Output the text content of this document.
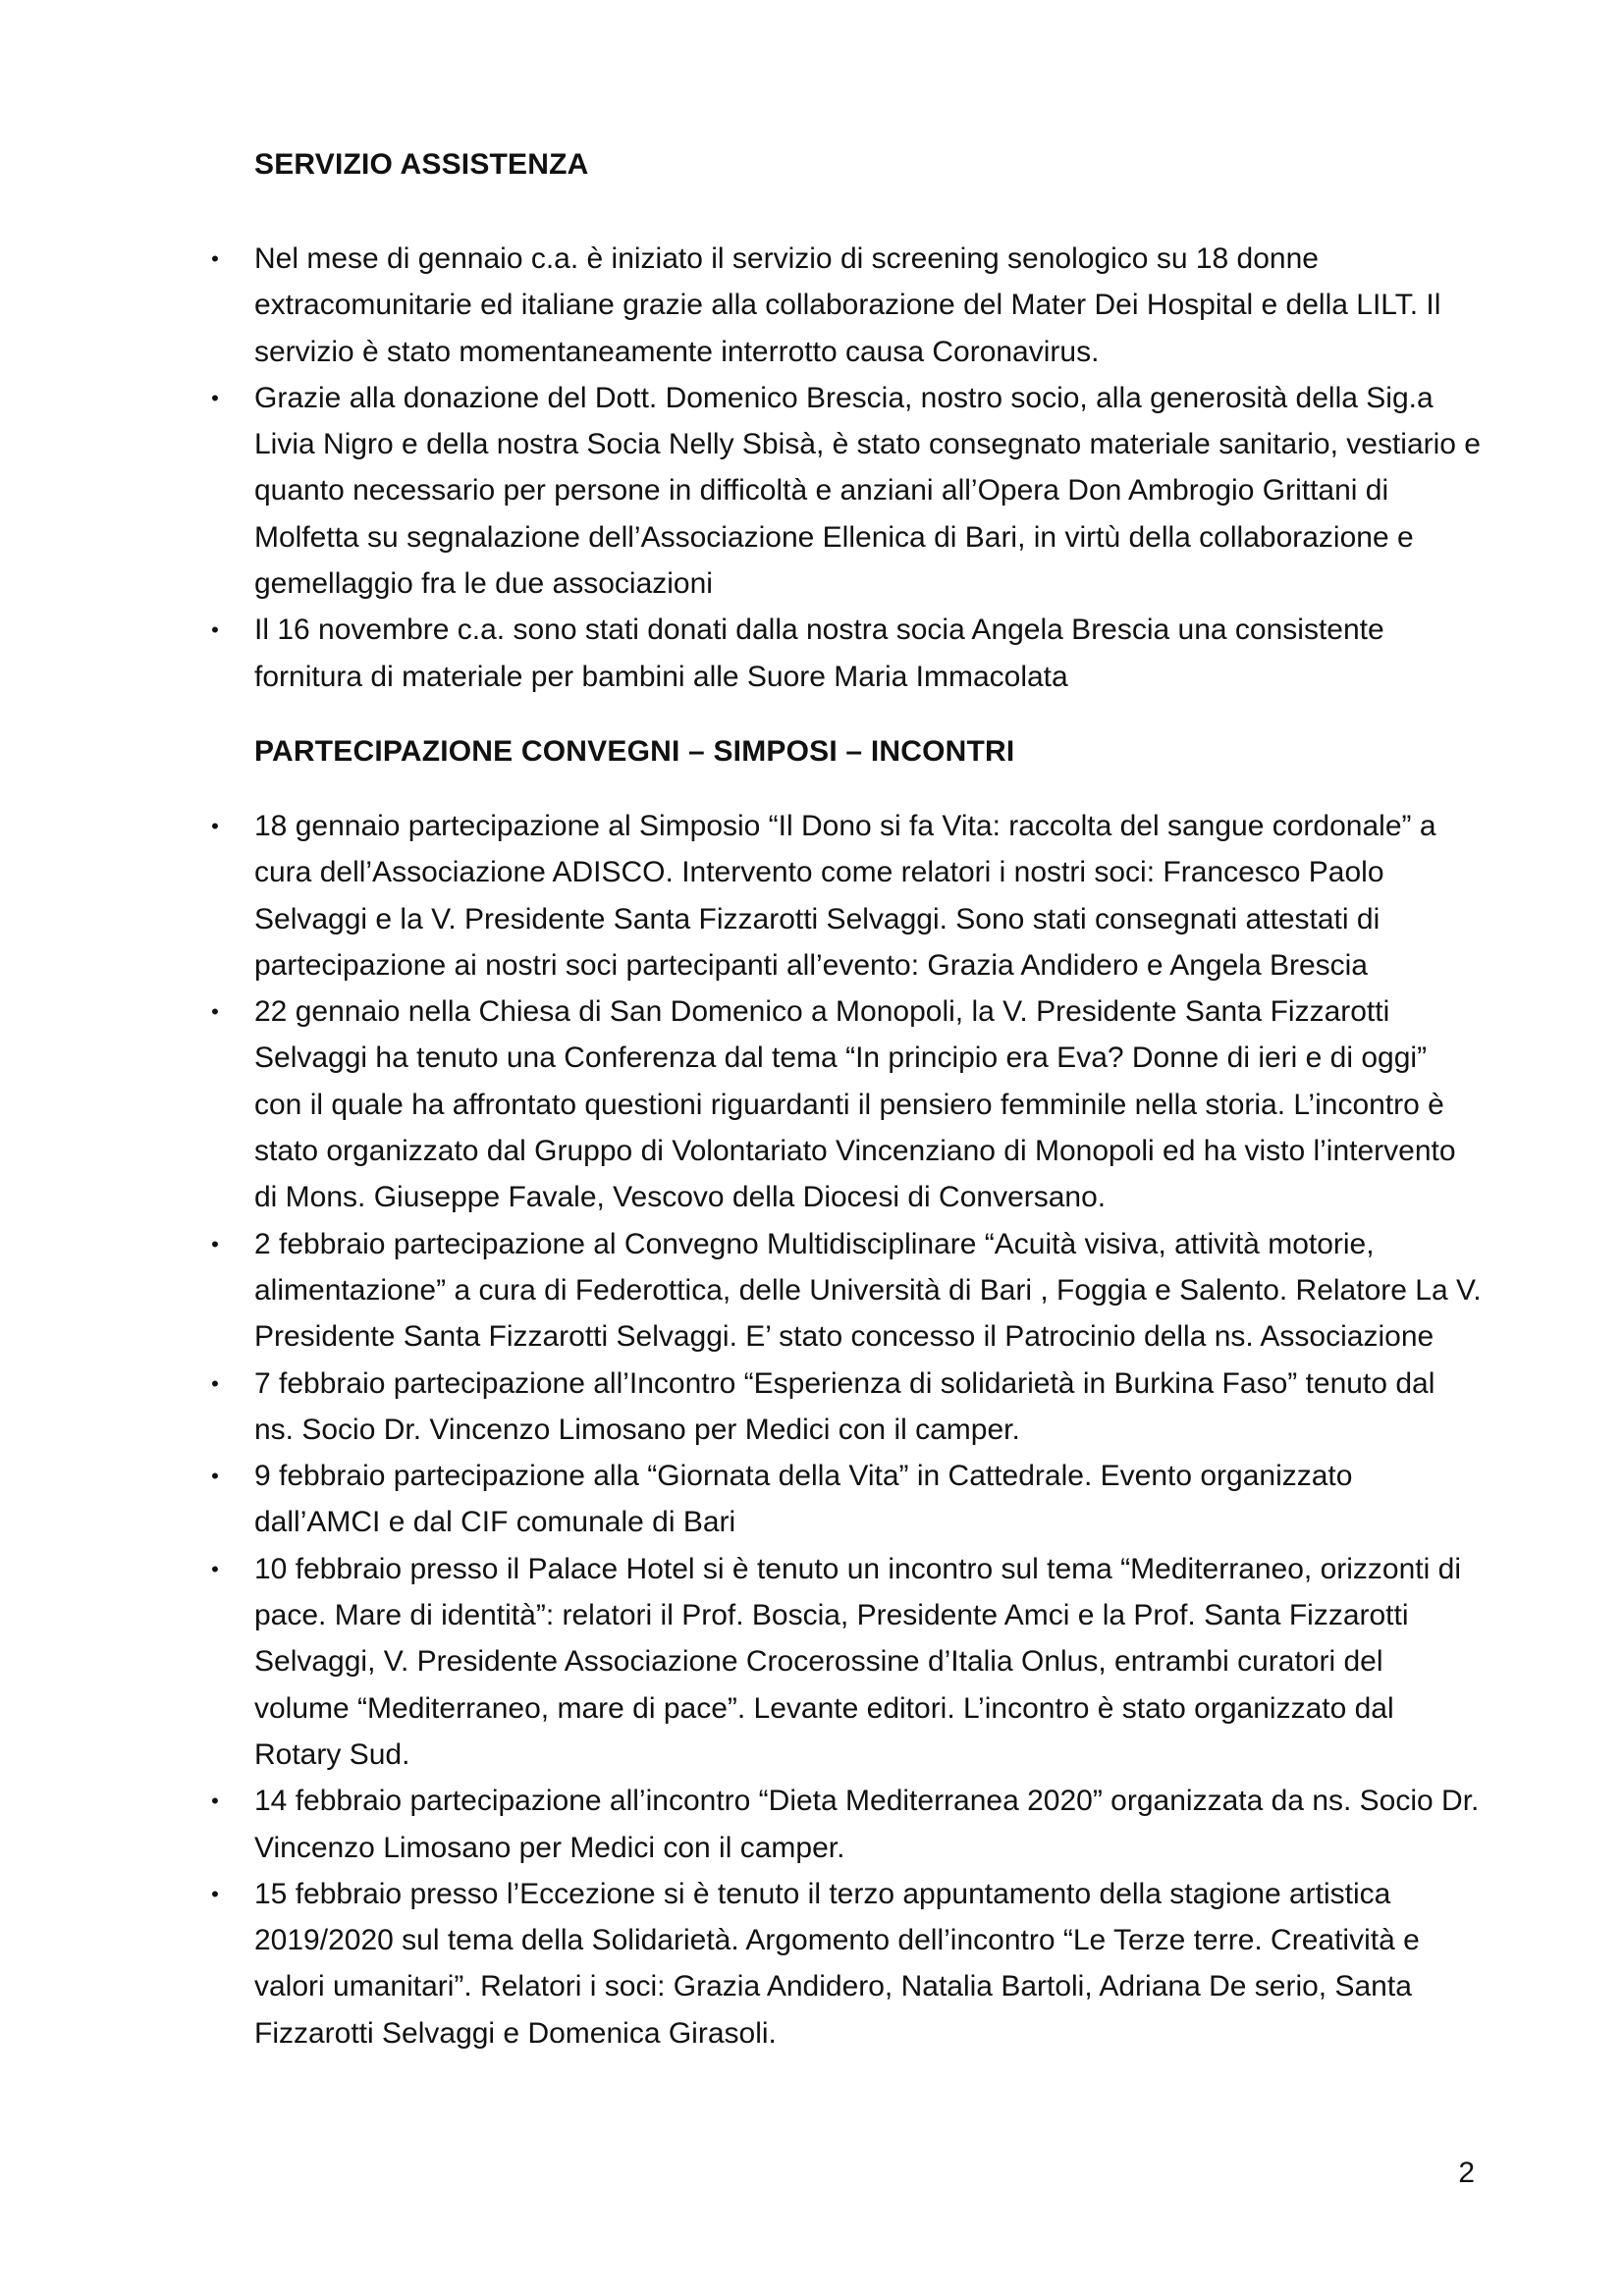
SERVIZIO ASSISTENZA
• Nel mese di gennaio c.a. è iniziato il servizio di screening senologico su 18 donne extracomunitarie ed italiane grazie alla collaborazione del Mater Dei Hospital e della LILT. Il servizio è stato momentaneamente interrotto causa Coronavirus.
• Grazie alla donazione del Dott. Domenico Brescia, nostro socio, alla generosità della Sig.a Livia Nigro e della nostra Socia Nelly Sbisà, è stato consegnato materiale sanitario, vestiario e quanto necessario per persone in difficoltà e anziani all’Opera Don Ambrogio Grittani di Molfetta su segnalazione dell’Associazione Ellenica di Bari, in virtù della collaborazione e gemellaggio fra le due associazioni
• Il 16 novembre c.a. sono stati donati dalla nostra socia Angela Brescia una consistente fornitura di materiale per bambini alle Suore Maria Immacolata
PARTECIPAZIONE CONVEGNI – SIMPOSI – INCONTRI
• 18 gennaio partecipazione al Simposio “Il Dono si fa Vita: raccolta del sangue cordonale” a cura dell’Associazione ADISCO. Intervento come relatori i nostri soci: Francesco Paolo Selvaggi e la V. Presidente Santa Fizzarotti Selvaggi. Sono stati consegnati attestati di partecipazione ai nostri soci partecipanti all’evento: Grazia Andidero e Angela Brescia
• 22 gennaio nella Chiesa di San Domenico a Monopoli, la V. Presidente Santa Fizzarotti Selvaggi ha tenuto una Conferenza dal tema “In principio era Eva? Donne di ieri e di oggi” con il quale ha affrontato questioni riguardanti il pensiero femminile nella storia. L’incontro è stato organizzato dal Gruppo di Volontariato Vincenziano di Monopoli ed ha visto l’intervento di Mons. Giuseppe Favale, Vescovo della Diocesi di Conversano.
• 2 febbraio partecipazione al Convegno Multidisciplinare “Acuità visiva, attività motorie, alimentazione” a cura di Federottica, delle Università di Bari , Foggia e Salento. Relatore La V. Presidente Santa Fizzarotti Selvaggi. E’ stato concesso il Patrocinio della ns. Associazione
• 7 febbraio partecipazione all’Incontro “Esperienza di solidarietà in Burkina Faso” tenuto dal ns. Socio Dr. Vincenzo Limosano per Medici con il camper.
• 9 febbraio partecipazione alla “Giornata della Vita” in Cattedrale. Evento organizzato dall’AMCI e dal CIF comunale di Bari
• 10 febbraio presso il Palace Hotel si è tenuto un incontro sul tema “Mediterraneo, orizzonti di pace. Mare di identità”: relatori il Prof. Boscia, Presidente Amci e la Prof. Santa Fizzarotti Selvaggi, V. Presidente Associazione Crocerossine d’Italia Onlus, entrambi curatori del volume “Mediterraneo, mare di pace”. Levante editori. L’incontro è stato organizzato dal Rotary Sud.
• 14 febbraio partecipazione all’incontro “Dieta Mediterranea 2020” organizzata da ns. Socio Dr. Vincenzo Limosano per Medici con il camper.
• 15 febbraio presso l’Eccezione si è tenuto il terzo appuntamento della stagione artistica 2019/2020 sul tema della Solidarietà. Argomento dell’incontro “Le Terze terre. Creatività e valori umanitari”. Relatori i soci: Grazia Andidero, Natalia Bartoli, Adriana De serio, Santa Fizzarotti Selvaggi e Domenica Girasoli.
2
